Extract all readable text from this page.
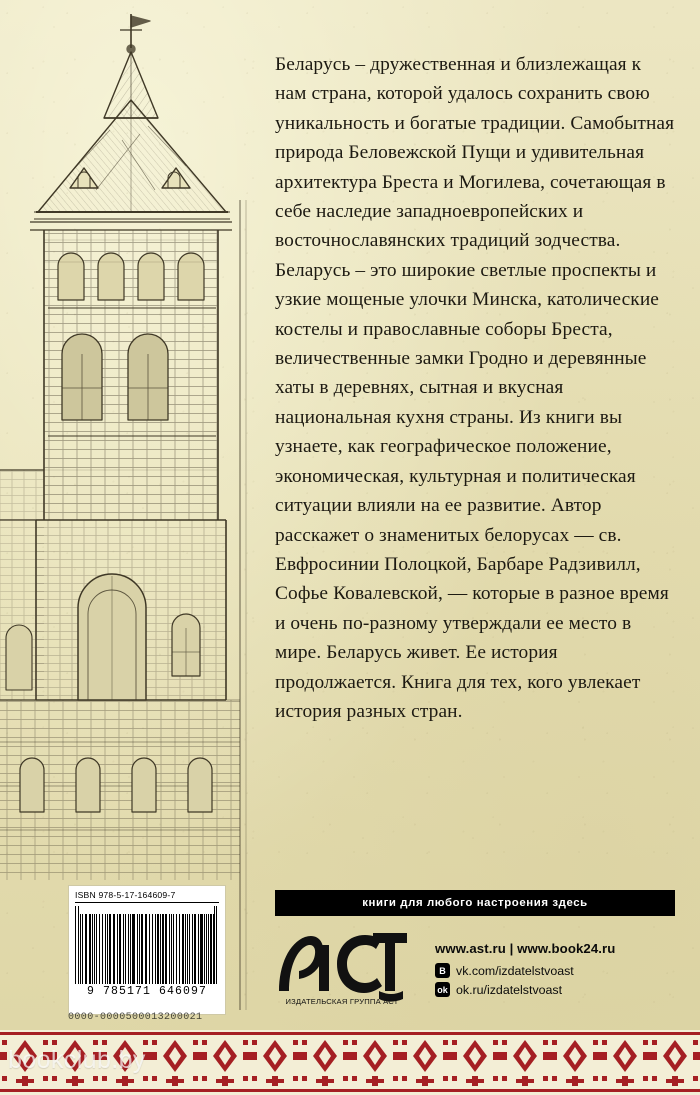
Беларусь – дружественная и близлежащая к нам страна, которой удалось сохранить свою уникальность и богатые традиции. Самобытная природа Беловежской Пущи и удивительная архитектура Бреста и Могилева, сочетающая в себе наследие западноевропейских и восточнославянских традиций зодчества. Беларусь – это широкие светлые проспекты и узкие мощеные улочки Минска, католические костелы и православные соборы Бреста, величественные замки Гродно и деревянные хаты в деревнях, сытная и вкусная национальная кухня страны. Из книги вы узнаете, как географическое положение, экономическая, культурная и политическая ситуации влияли на ее развитие. Автор расскажет о знаменитых белорусах — св. Евфросинии Полоцкой, Барбаре Радзивилл, Софье Ковалевской, — которые в разное время и очень по-разному утверждали ее место в мире. Беларусь живет. Ее история продолжается. Книга для тех, кого увлекает история разных стран.
книги для любого настроения здесь
ИЗДАТЕЛЬСКАЯ ГРУППА АСТ
www.ast.ru | www.book24.ru
B vk.com/izdatelstvoast
ok ok.ru/izdatelstvoast
ISBN 978-5-17-164609-7
9 785171 646097
0000-0000500013200021
bookclub.by
